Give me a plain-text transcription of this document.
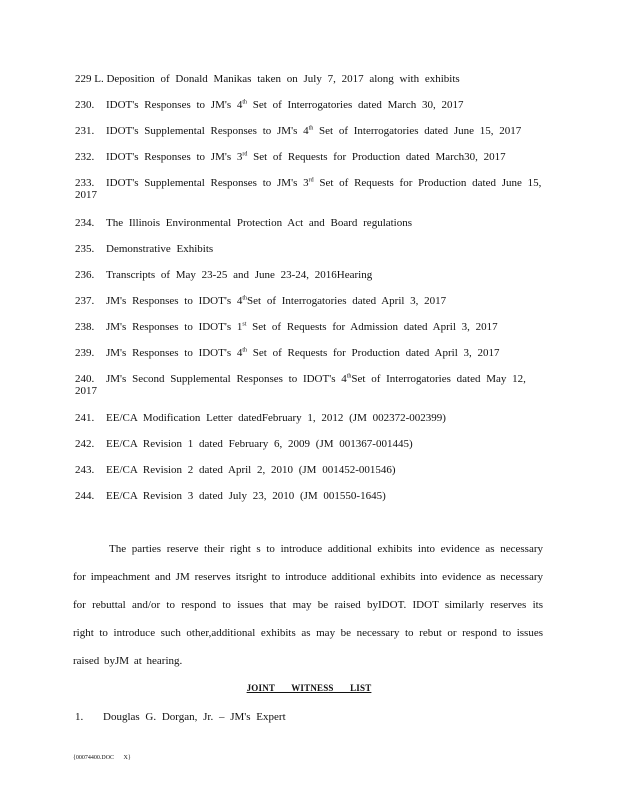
229 L. Deposition of Donald Manikas taken on July 7, 2017 along with exhibits
230. IDOT's Responses to JM's 4th Set of Interrogatories dated March 30, 2017
231. IDOT's Supplemental Responses to JM's 4th Set of Interrogatories dated June 15, 2017
232. IDOT's Responses to JM's 3rd Set of Requests for Production dated March30, 2017
233. IDOT's Supplemental Responses to JM's 3rd Set of Requests for Production dated June 15, 2017
234. The Illinois Environmental Protection Act and Board regulations
235. Demonstrative Exhibits
236. Transcripts of May 23-25 and June 23-24, 2016Hearing
237. JM's Responses to IDOT's 4thSet of Interrogatories dated April 3, 2017
238. JM's Responses to IDOT's 1st Set of Requests for Admission dated April 3, 2017
239. JM's Responses to IDOT's 4th Set of Requests for Production dated April 3, 2017
240. JM's Second Supplemental Responses to IDOT's 4thSet of Interrogatories dated May 12, 2017
241. EE/CA Modification Letter datedFebruary 1, 2012 (JM 002372-002399)
242. EE/CA Revision 1 dated February 6, 2009 (JM 001367-001445)
243. EE/CA Revision 2 dated April 2, 2010 (JM 001452-001546)
244. EE/CA Revision 3 dated July 23, 2010 (JM 001550-1645)
The parties reserve their right s to introduce additional exhibits into evidence as necessary for impeachment and JM reserves itsright to introduce additional exhibits into evidence as necessary for rebuttal and/or to respond to issues that may be raised byIDOT. IDOT similarly reserves its right to introduce such other,additional exhibits as may be necessary to rebut or respond to issues raised byJM at hearing.
JOINT WITNESS LIST
1. Douglas G. Dorgan, Jr. – JM's Expert
{00074400.DOC X}
